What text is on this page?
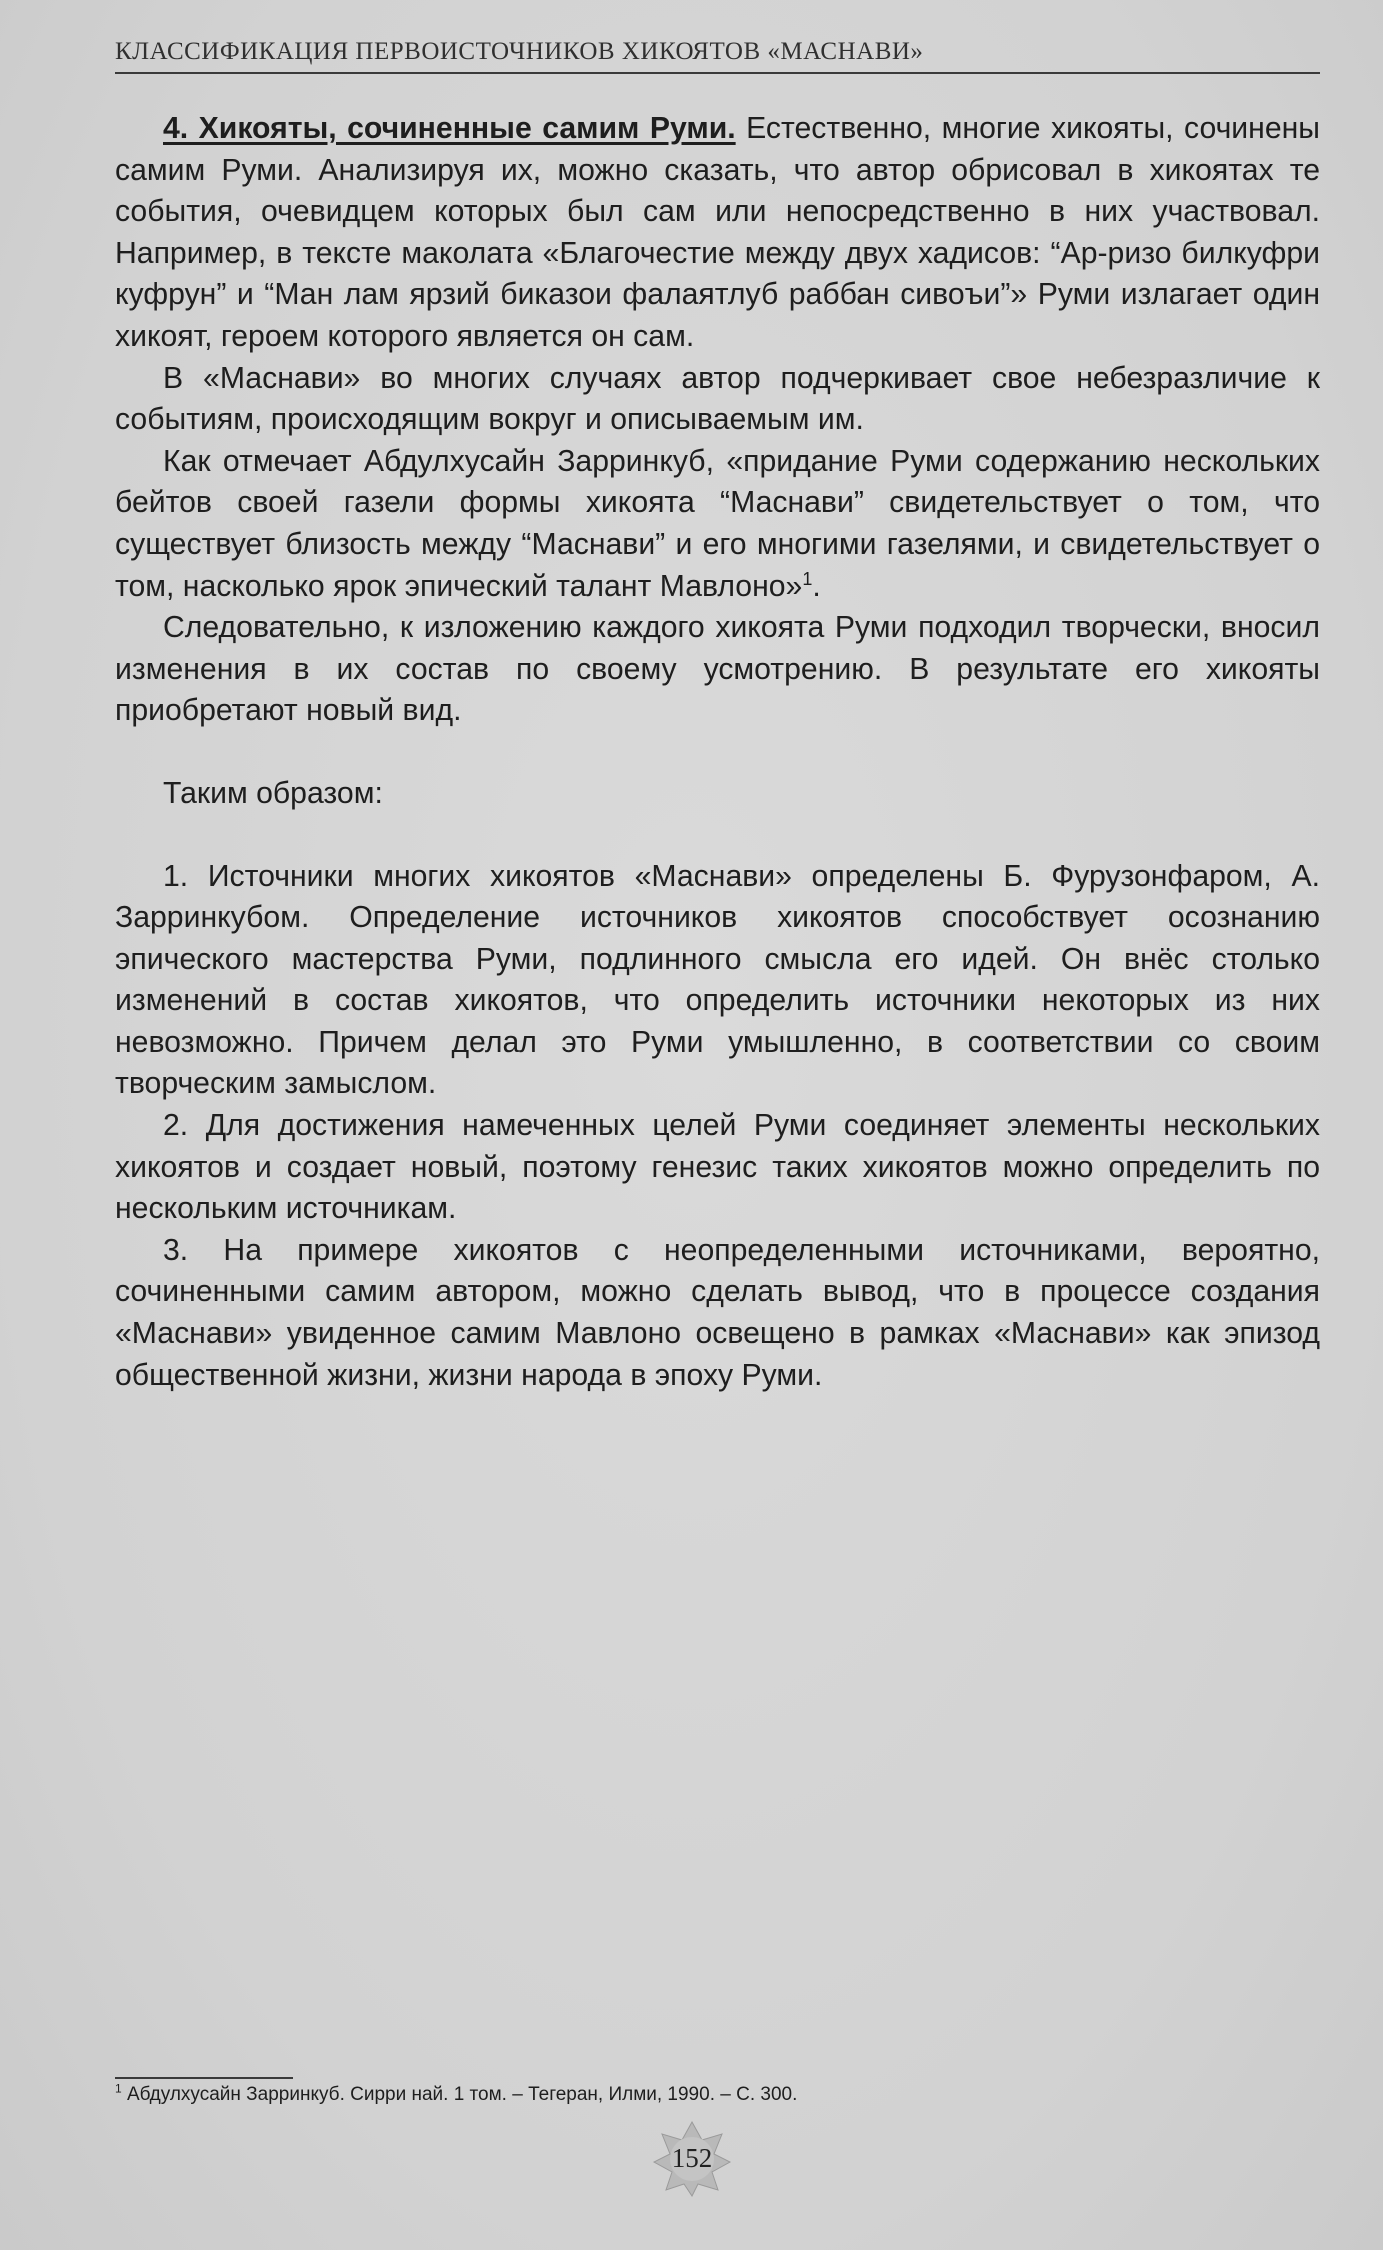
КЛАССИФИКАЦИЯ ПЕРВОИСТОЧНИКОВ ХИКОЯТОВ «МАСНАВИ»

4. Хикояты, сочиненные самим Руми. Естественно, многие хикояты, сочинены самим Руми. Анализируя их, можно сказать, что автор обрисовал в хикоятах те события, очевидцем которых был сам или непосредственно в них участвовал. Например, в тексте маколата «Благочестие между двух хадисов: “Ар-ризо билкуфри куфрун” и “Ман лам ярзий биказои фалаятлуб раббан сивоъи”» Руми излагает один хикоят, героем которого является он сам.

В «Маснави» во многих случаях автор подчеркивает свое небезразличие к событиям, происходящим вокруг и описываемым им.

Как отмечает Абдулхусайн Зарринкуб, «придание Руми содержанию нескольких бейтов своей газели формы хикоята “Маснави” свидетельствует о том, что существует близость между “Маснави” и его многими газелями, и свидетельствует о том, насколько ярок эпический талант Мавлоно»$^1$.

Следовательно, к изложению каждого хикоята Руми подходил творчески, вносил изменения в их состав по своему усмотрению. В результате его хикояты приобретают новый вид.

Таким образом:

1. Источники многих хикоятов «Маснави» определены Б. Фурузонфаром, А. Зарринкубом. Определение источников хикоятов способствует осознанию эпического мастерства Руми, подлинного смысла его идей. Он внёс столько изменений в состав хикоятов, что определить источники некоторых из них невозможно. Причем делал это Руми умышленно, в соответствии со своим творческим замыслом.

2. Для достижения намеченных целей Руми соединяет элементы нескольких хикоятов и создает новый, поэтому генезис таких хикоятов можно определить по нескольким источникам.

3. На примере хикоятов с неопределенными источниками, вероятно, сочиненными самим автором, можно сделать вывод, что в процессе создания «Маснави» увиденное самим Мавлоно освещено в рамках «Маснави» как эпизод общественной жизни, жизни народа в эпоху Руми.

$^1$ Абдулхусайн Зарринкуб. Сирри най. 1 том. – Тегеран, Илми, 1990. – С. 300.
152
